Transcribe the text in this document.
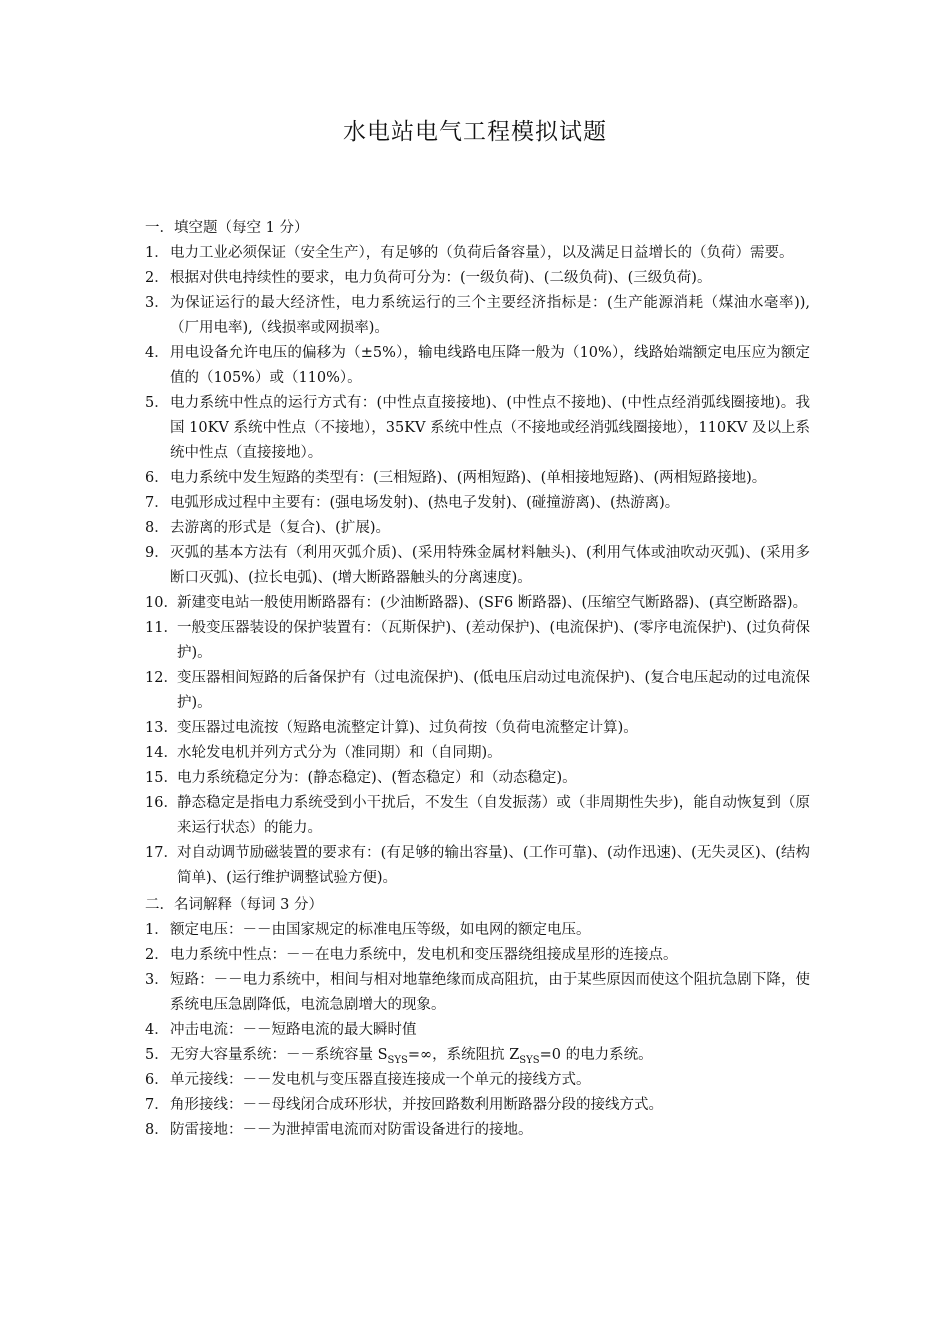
水电站电气工程模拟试题
一．填空题（每空 1 分）
1． 电力工业必须保证（安全生产），有足够的（负荷后备容量），以及满足日益增长的（负荷）需要。
2． 根据对供电持续性的要求，电力负荷可分为：(一级负荷)、(二级负荷)、(三级负荷)。
3． 为保证运行的最大经济性，电力系统运行的三个主要经济指标是：(生产能源消耗（煤油水毫率)),（厂用电率),（线损率或网损率)。
4． 用电设备允许电压的偏移为（±5%），输电线路电压降一般为（10%），线路始端额定电压应为额定值的（105%）或（110%）。
5． 电力系统中性点的运行方式有：(中性点直接接地)、(中性点不接地)、(中性点经消弧线圈接地)。我国 10KV 系统中性点（不接地），35KV 系统中性点（不接地或经消弧线圈接地），110KV 及以上系统中性点（直接接地）。
6． 电力系统中发生短路的类型有：(三相短路)、(两相短路)、(单相接地短路)、(两相短路接地)。
7． 电弧形成过程中主要有：(强电场发射)、(热电子发射)、(碰撞游离)、(热游离)。
8． 去游离的形式是（复合)、(扩展)。
9． 灭弧的基本方法有（利用灭弧介质)、(采用特殊金属材料触头)、(利用气体或油吹动灭弧)、(采用多断口灭弧)、(拉长电弧)、(增大断路器触头的分离速度)。
10． 新建变电站一般使用断路器有：(少油断路器)、(SF6 断路器)、(压缩空气断路器)、(真空断路器)。
11． 一般变压器装设的保护装置有：（瓦斯保护)、(差动保护)、(电流保护)、(零序电流保护)、(过负荷保护)。
12． 变压器相间短路的后备保护有（过电流保护)、(低电压启动过电流保护)、(复合电压起动的过电流保护)。
13． 变压器过电流按（短路电流整定计算)、过负荷按（负荷电流整定计算)。
14． 水轮发电机并列方式分为（准同期）和（自同期)。
15． 电力系统稳定分为：(静态稳定)、(暂态稳定）和（动态稳定)。
16． 静态稳定是指电力系统受到小干扰后，不发生（自发振荡）或（非周期性失步)，能自动恢复到（原来运行状态）的能力。
17． 对自动调节励磁装置的要求有：(有足够的输出容量)、(工作可靠)、(动作迅速)、(无失灵区)、(结构简单)、(运行维护调整试验方便)。
二．名词解释（每词 3 分）
1． 额定电压：－－由国家规定的标准电压等级，如电网的额定电压。
2． 电力系统中性点：－－在电力系统中，发电机和变压器绕组接成星形的连接点。
3． 短路：－－电力系统中，相间与相对地靠绝缘而成高阻抗，由于某些原因而使这个阻抗急剧下降，使系统电压急剧降低，电流急剧增大的现象。
4． 冲击电流：－－短路电流的最大瞬时值
5． 无穷大容量系统：－－系统容量 $S_{SYS}=\infty$，系统阻抗 $Z_{SYS}=0$ 的电力系统。
6． 单元接线：－－发电机与变压器直接连接成一个单元的接线方式。
7． 角形接线：－－母线闭合成环形状，并按回路数利用断路器分段的接线方式。
8． 防雷接地：－－为泄掉雷电流而对防雷设备进行的接地。
